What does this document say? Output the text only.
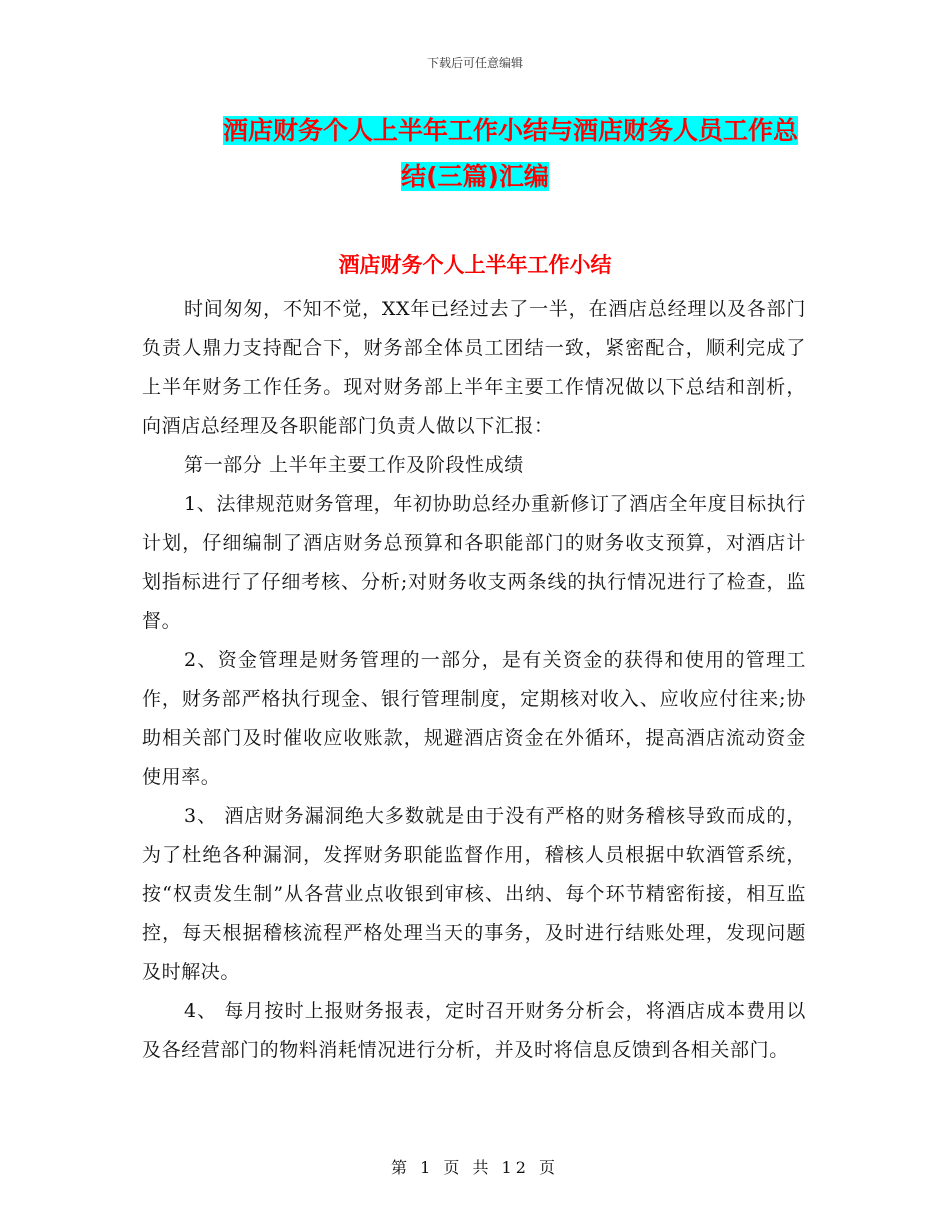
下载后可任意编辑
酒店财务个人上半年工作小结与酒店财务人员工作总
结(三篇)汇编
酒店财务个人上半年工作小结

时间匆匆，不知不觉，XX年已经过去了一半，在酒店总经理以及各部门负责人鼎力支持配合下，财务部全体员工团结一致，紧密配合，顺利完成了上半年财务工作任务。现对财务部上半年主要工作情况做以下总结和剖析，向酒店总经理及各职能部门负责人做以下汇报：

第一部分 上半年主要工作及阶段性成绩

1、法律规范财务管理，年初协助总经办重新修订了酒店全年度目标执行计划，仔细编制了酒店财务总预算和各职能部门的财务收支预算，对酒店计划指标进行了仔细考核、分析;对财务收支两条线的执行情况进行了检查，监督。

2、资金管理是财务管理的一部分，是有关资金的获得和使用的管理工作，财务部严格执行现金、银行管理制度，定期核对收入、应收应付往来;协助相关部门及时催收应收账款，规避酒店资金在外循环，提高酒店流动资金使用率。

3、 酒店财务漏洞绝大多数就是由于没有严格的财务稽核导致而成的，为了杜绝各种漏洞，发挥财务职能监督作用，稽核人员根据中软酒管系统，按“权责发生制”从各营业点收银到审核、出纳、每个环节精密衔接，相互监控，每天根据稽核流程严格处理当天的事务，及时进行结账处理，发现问题及时解决。

4、 每月按时上报财务报表，定时召开财务分析会，将酒店成本费用以及各经营部门的物料消耗情况进行分析，并及时将信息反馈到各相关部门。

第 1 页 共 12 页
